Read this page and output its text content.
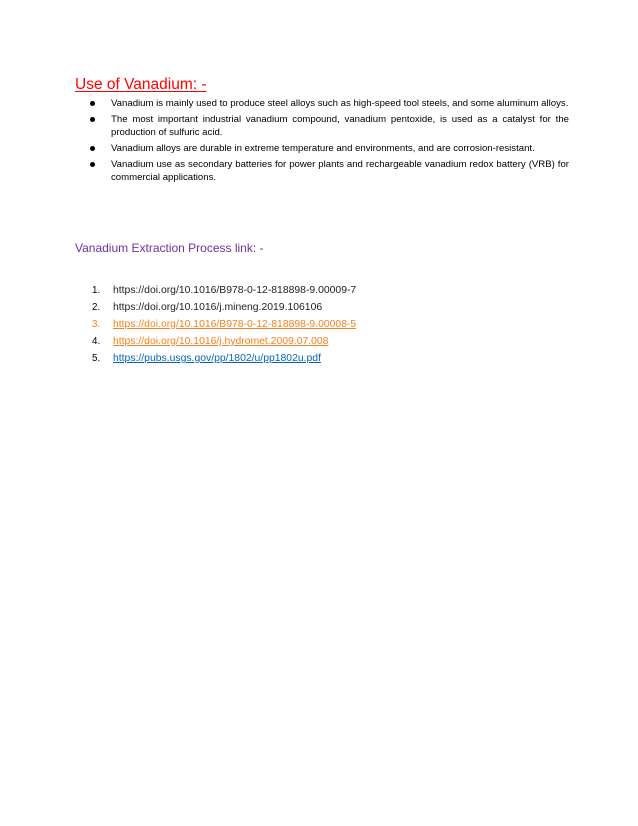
Use of Vanadium: -
Vanadium is mainly used to produce steel alloys such as high-speed tool steels, and some aluminum alloys.
The most important industrial vanadium compound, vanadium pentoxide, is used as a catalyst for the production of sulfuric acid.
Vanadium alloys are durable in extreme temperature and environments, and are corrosion-resistant.
Vanadium use as secondary batteries for power plants and rechargeable vanadium redox battery (VRB) for commercial applications.
Vanadium Extraction Process link: -
1. https://doi.org/10.1016/B978-0-12-818898-9.00009-7
2. https://doi.org/10.1016/j.mineng.2019.106106
3. https://doi.org/10.1016/B978-0-12-818898-9.00008-5
4. https://doi.org/10.1016/j.hydromet.2009.07.008
5. https://pubs.usgs.gov/pp/1802/u/pp1802u.pdf
